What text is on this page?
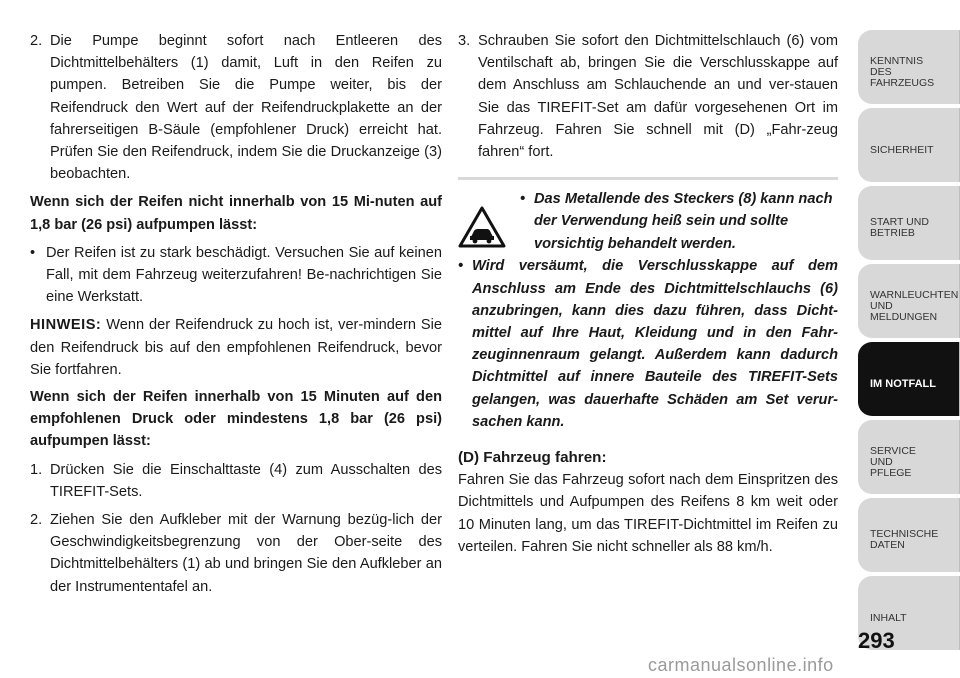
2. Die Pumpe beginnt sofort nach Entleeren des Dichtmittelbehälters (1) damit, Luft in den Reifen zu pumpen. Betreiben Sie die Pumpe weiter, bis der Reifendruck den Wert auf der Reifendruckplakette an der fahrerseitigen B-Säule (empfohlener Druck) erreicht hat. Prüfen Sie den Reifendruck, indem Sie die Druckanzeige (3) beobachten.
Wenn sich der Reifen nicht innerhalb von 15 Mi-nuten auf 1,8 bar (26 psi) aufpumpen lässt:
• Der Reifen ist zu stark beschädigt. Versuchen Sie auf keinen Fall, mit dem Fahrzeug weiterzufahren! Be-nachrichtigen Sie eine Werkstatt.

HINWEIS: Wenn der Reifendruck zu hoch ist, ver-mindern Sie den Reifendruck bis auf den empfohlenen Reifendruck, bevor Sie fortfahren.

Wenn sich der Reifen innerhalb von 15 Minuten auf den empfohlenen Druck oder mindestens 1,8 bar (26 psi) aufpumpen lässt:
1. Drücken Sie die Einschalttaste (4) zum Ausschalten des TIREFIT-Sets.
2. Ziehen Sie den Aufkleber mit der Warnung bezüg-lich der Geschwindigkeitsbegrenzung von der Ober-seite des Dichtmittelbehälters (1) ab und bringen Sie den Aufkleber an der Instrumententafel an.
3. Schrauben Sie sofort den Dichtmittelschlauch (6) vom Ventilschaft ab, bringen Sie die Verschlusskappe auf dem Anschluss am Schlauchende an und ver-stauen Sie das TIREFIT-Set am dafür vorgesehenen Ort im Fahrzeug. Fahren Sie schnell mit (D) „Fahr-zeug fahren“ fort.
• Das Metallende des Steckers (8) kann nach der Verwendung heiß sein und sollte vorsichtig behandelt werden.
• Wird versäumt, die Verschlusskappe auf dem Anschluss am Ende des Dichtmittelschlauchs (6) anzubringen, kann dies dazu führen, dass Dicht-mittel auf Ihre Haut, Kleidung und in den Fahr-zeuginnenraum gelangt. Außerdem kann dadurch Dichtmittel auf innere Bauteile des TIREFIT-Sets gelangen, was dauerhafte Schäden am Set verur-sachen kann.
(D) Fahrzeug fahren:

Fahren Sie das Fahrzeug sofort nach dem Einspritzen des Dichtmittels und Aufpumpen des Reifens 8 km weit oder 10 Minuten lang, um das TIREFIT-Dichtmittel im Reifen zu verteilen. Fahren Sie nicht schneller als 88 km/h.

KENNTNIS
DES
FAHRZEUGS
SICHERHEIT
START UND
BETRIEB
WARNLEUCHTEN
UND
MELDUNGEN
IM NOTFALL
SERVICE
UND
PFLEGE
TECHNISCHE
DATEN
INHALT
293
carmanualsonline.info
